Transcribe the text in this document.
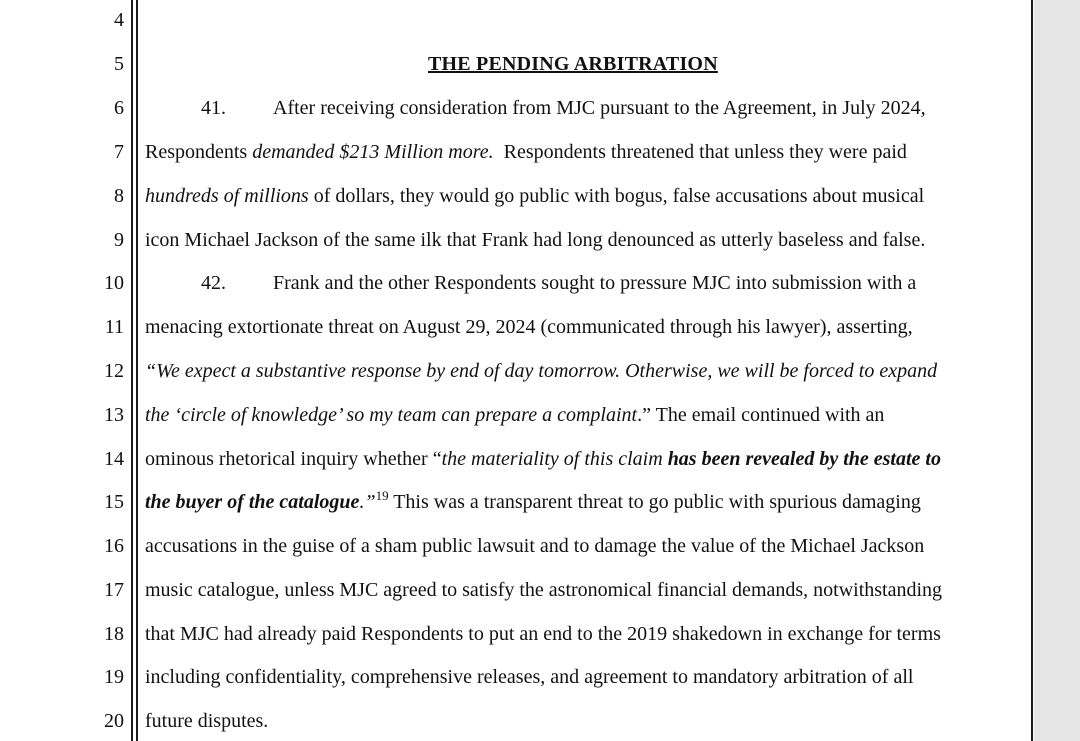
4
5	THE PENDING ARBITRATION
6	41. After receiving consideration from MJC pursuant to the Agreement, in July 2024,
7 Respondents demanded $213 Million more.  Respondents threatened that unless they were paid
8 hundreds of millions of dollars, they would go public with bogus, false accusations about musical
9 icon Michael Jackson of the same ilk that Frank had long denounced as utterly baseless and false.
10	42. Frank and the other Respondents sought to pressure MJC into submission with a
11 menacing extortionate threat on August 29, 2024 (communicated through his lawyer), asserting,
12 “We expect a substantive response by end of day tomorrow. Otherwise, we will be forced to expand
13 the ‘circle of knowledge’ so my team can prepare a complaint.” The email continued with an
14 ominous rhetorical inquiry whether “the materiality of this claim has been revealed by the estate to
15 the buyer of the catalogue.”$^{19}$ This was a transparent threat to go public with spurious damaging
16 accusations in the guise of a sham public lawsuit and to damage the value of the Michael Jackson
17 music catalogue, unless MJC agreed to satisfy the astronomical financial demands, notwithstanding
18 that MJC had already paid Respondents to put an end to the 2019 shakedown in exchange for terms
19 including confidentiality, comprehensive releases, and agreement to mandatory arbitration of all
20 future disputes.
